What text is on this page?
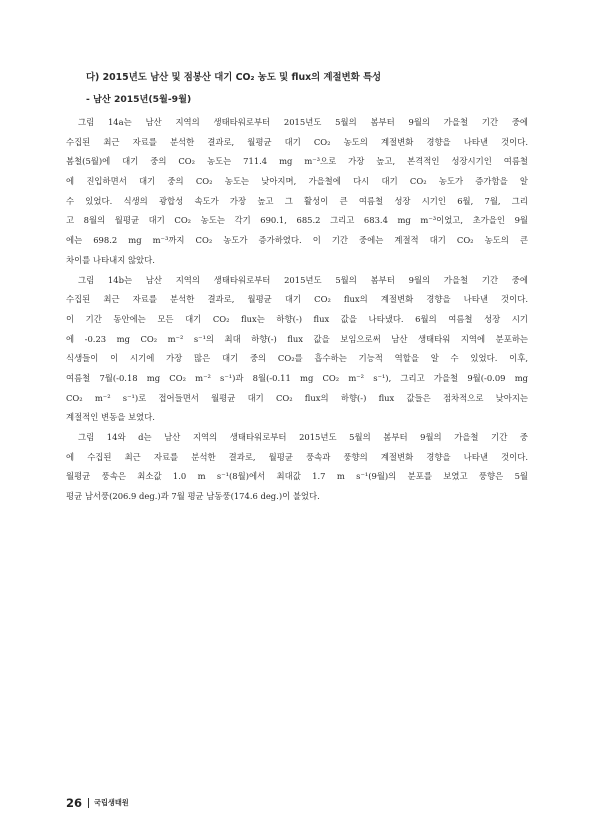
다) 2015년도 남산 및 점봉산 대기 CO₂ 농도 및 flux의 계절변화 특성
- 남산 2015년(5월-9월)
그림 14a는 남산 지역의 생태타워로부터 2015년도 5월의 봄부터 9월의 가을철 기간 중에
수집된 최근 자료를 분석한 결과로, 월평균 대기 CO₂ 농도의 계절변화 경향을 나타낸 것이다.
봄철(5월)에 대기 중의 CO₂ 농도는 711.4 mg m⁻³으로 가장 높고, 본격적인 성장시기인 여름철
에 진입하면서 대기 중의 CO₂ 농도는 낮아지며, 가을철에 다시 대기 CO₂ 농도가 증가함을 알
수 있었다. 식생의 광합성 속도가 가장 높고 그 활성이 큰 여름철 성장 시기인 6월, 7월, 그리
고 8월의 월평균 대기 CO₂ 농도는 각기 690.1, 685.2 그리고 683.4 mg m⁻³이었고, 초가을인 9월
에는 698.2 mg m⁻³까지 CO₂ 농도가 증가하였다. 이 기간 중에는 계절적 대기 CO₂ 농도의 큰
차이를 나타내지 않았다.
그림 14b는 남산 지역의 생태타워로부터 2015년도 5월의 봄부터 9월의 가을철 기간 중에
수집된 최근 자료를 분석한 결과로, 월평균 대기 CO₂ flux의 계절변화 경향을 나타낸 것이다.
이 기간 동안에는 모든 대기 CO₂ flux는 하향(-) flux 값을 나타냈다. 6월의 여름철 성장 시기
에 -0.23 mg CO₂ m⁻² s⁻¹의 최대 하향(-) flux 값을 보임으로써 남산 생태타워 지역에 분포하는
식생들이 이 시기에 가장 많은 대기 중의 CO₂를 흡수하는 기능적 역할을 알 수 있었다. 이후,
여름철 7월(-0.18 mg CO₂ m⁻² s⁻¹)과 8월(-0.11 mg CO₂ m⁻² s⁻¹), 그리고 가을철 9월(-0.09 mg
CO₂ m⁻² s⁻¹)로 접어들면서 월평균 대기 CO₂ flux의 하향(-) flux 값들은 점차적으로 낮아지는
계절적인 변동을 보였다.
그림 14와 d는 남산 지역의 생태타워로부터 2015년도 5월의 봄부터 9월의 가을철 기간 중
에 수집된 최근 자료를 분석한 결과로, 월평균 풍속과 풍향의 계절변화 경향을 나타낸 것이다.
월평균 풍속은 최소값 1.0 m s⁻¹(8월)에서 최대값 1.7 m s⁻¹(9월)의 분포를 보였고 풍향은 5월
평균 남서풍(206.9 deg.)과 7월 평균 남동풍(174.6 deg.)이 불었다.
26 국립생태원
